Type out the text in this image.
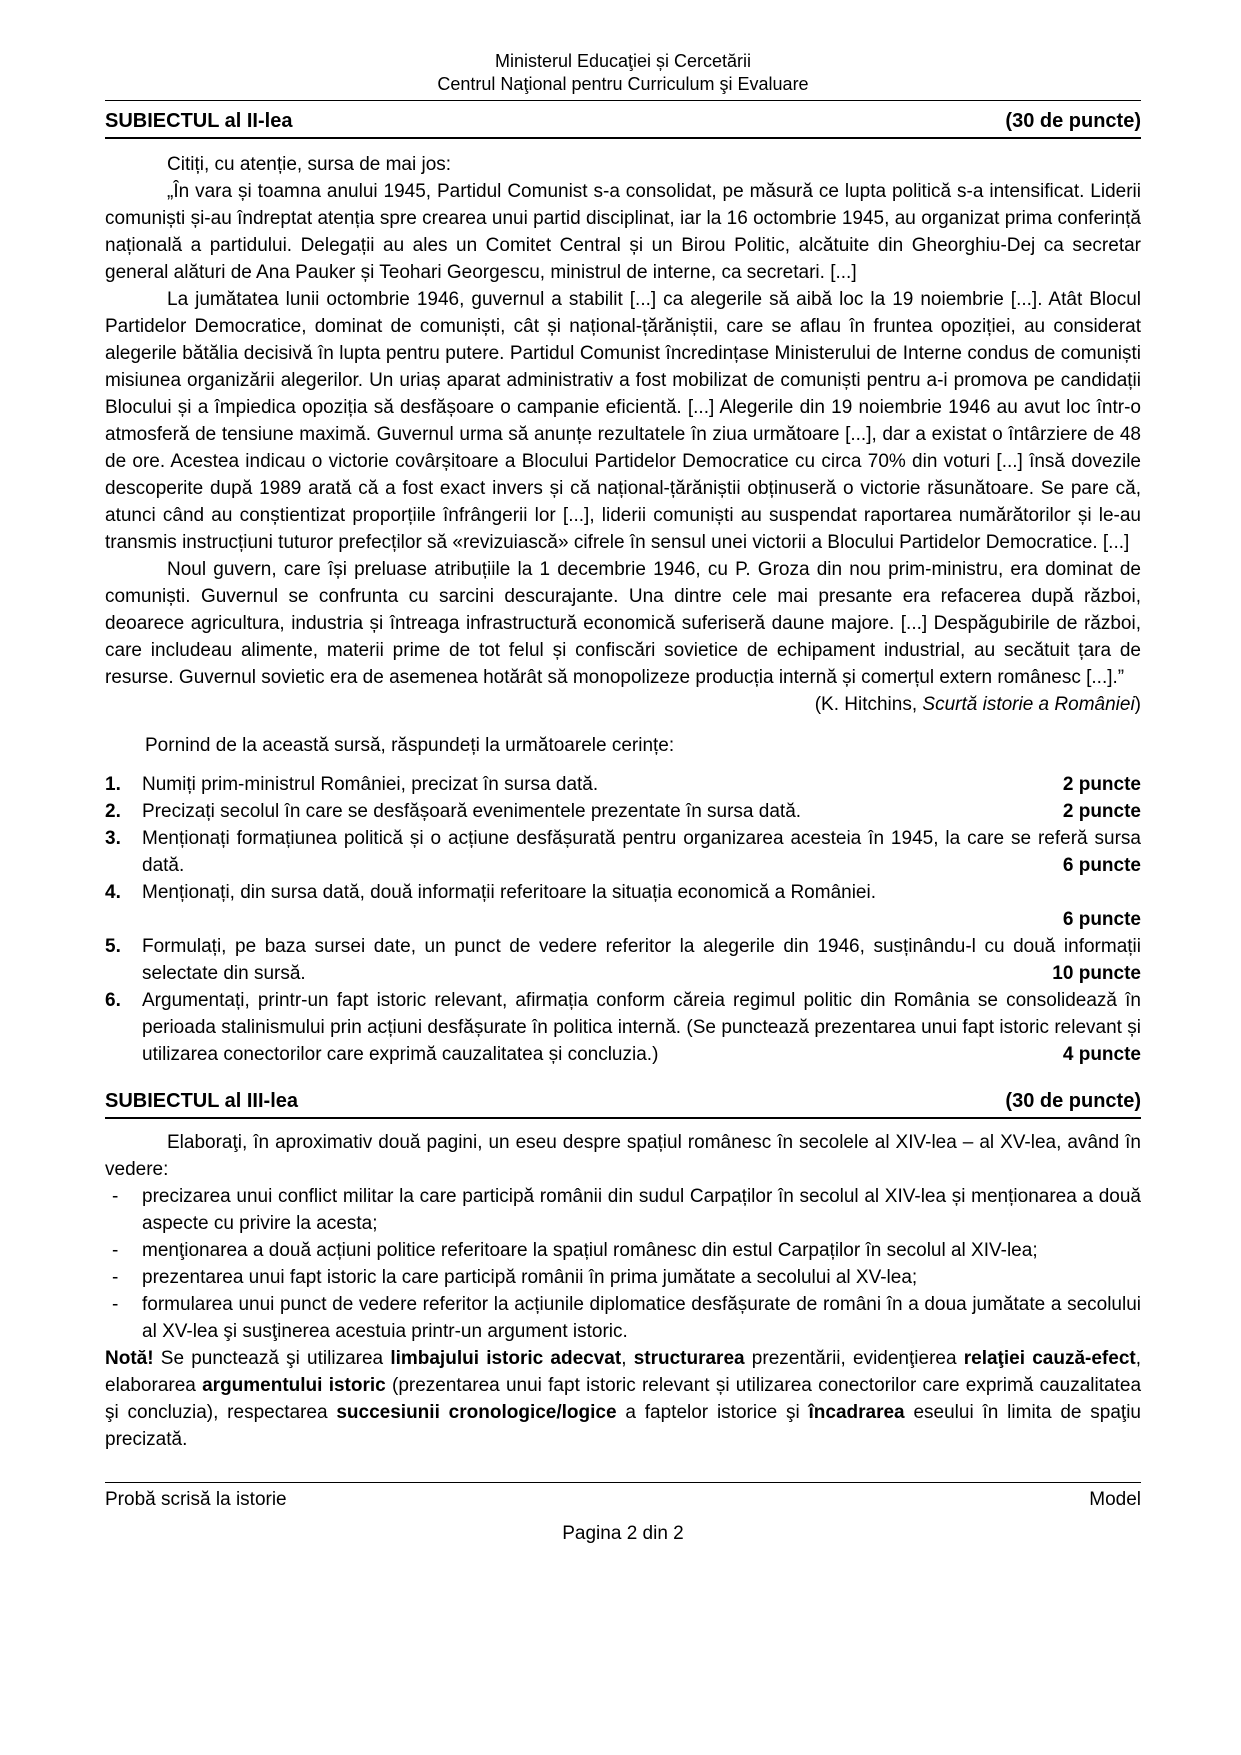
Ministerul Educaţiei și Cercetării
Centrul Naţional pentru Curriculum şi Evaluare
SUBIECTUL al II-lea	(30 de puncte)

Citiți, cu atenție, sursa de mai jos:

„În vara și toamna anului 1945, Partidul Comunist s-a consolidat, pe măsură ce lupta politică s-a intensificat. Liderii comuniști și-au îndreptat atenția spre crearea unui partid disciplinat, iar la 16 octombrie 1945, au organizat prima conferință națională a partidului. Delegații au ales un Comitet Central și un Birou Politic, alcătuite din Gheorghiu-Dej ca secretar general alături de Ana Pauker și Teohari Georgescu, ministrul de interne, ca secretari. [...]

La jumătatea lunii octombrie 1946, guvernul a stabilit [...] ca alegerile să aibă loc la 19 noiembrie [...]. Atât Blocul Partidelor Democratice, dominat de comuniști, cât și național-țărăniștii, care se aflau în fruntea opoziției, au considerat alegerile bătălia decisivă în lupta pentru putere. Partidul Comunist încredințase Ministerului de Interne condus de comuniști misiunea organizării alegerilor. Un uriaș aparat administrativ a fost mobilizat de comuniști pentru a-i promova pe candidații Blocului și a împiedica opoziția să desfășoare o campanie eficientă. [...] Alegerile din 19 noiembrie 1946 au avut loc într-o atmosferă de tensiune maximă. Guvernul urma să anunțe rezultatele în ziua următoare [...], dar a existat o întârziere de 48 de ore. Acestea indicau o victorie covârșitoare a Blocului Partidelor Democratice cu circa 70% din voturi [...] însă dovezile descoperite după 1989 arată că a fost exact invers și că național-țărăniștii obținuseră o victorie răsunătoare. Se pare că, atunci când au conștientizat proporțiile înfrângerii lor [...], liderii comuniști au suspendat raportarea numărătorilor și le-au transmis instrucțiuni tuturor prefecților să «revizuiască» cifrele în sensul unei victorii a Blocului Partidelor Democratice. [...]

Noul guvern, care își preluase atribuțiile la 1 decembrie 1946, cu P. Groza din nou prim-ministru, era dominat de comuniști. Guvernul se confrunta cu sarcini descurajante. Una dintre cele mai presante era refacerea după război, deoarece agricultura, industria și întreaga infrastructură economică suferiseră daune majore. [...] Despăgubirile de război, care includeau alimente, materii prime de tot felul și confiscări sovietice de echipament industrial, au secătuit țara de resurse. Guvernul sovietic era de asemenea hotărât să monopolizeze producția internă și comerțul extern românesc [...].”

(K. Hitchins, Scurtă istorie a României)

Pornind de la această sursă, răspundeți la următoarele cerințe:

1.	2 puncte
Numiți prim-ministrul României, precizat în sursa dată.
2.	2 puncte
Precizați secolul în care se desfășoară evenimentele prezentate în sursa dată.
3. Menționați formațiunea politică și o acțiune desfășurată pentru organizarea acesteia în 1945, la care se referă sursa dată.	6 puncte
4. Menționați, din sursa dată, două informații referitoare la situația economică a României.
6 puncte
5. Formulați, pe baza sursei date, un punct de vedere referitor la alegerile din 1946, susținându-l cu două informații selectate din sursă.	10 puncte
6. Argumentați, printr-un fapt istoric relevant, afirmația conform căreia regimul politic din România se consolidează în perioada stalinismului prin acțiuni desfășurate în politica internă. (Se punctează prezentarea unui fapt istoric relevant și utilizarea conectorilor care exprimă cauzalitatea și concluzia.)	4 puncte
SUBIECTUL al III-lea	(30 de puncte)

Elaboraţi, în aproximativ două pagini, un eseu despre spațiul românesc în secolele al XIV-lea – al XV-lea, având în vedere:

- precizarea unui conflict militar la care participă românii din sudul Carpaților în secolul al XIV-lea și menționarea a două aspecte cu privire la acesta;
- menţionarea a două acțiuni politice referitoare la spațiul românesc din estul Carpaților în secolul al XIV-lea;
- prezentarea unui fapt istoric la care participă românii în prima jumătate a secolului al XV-lea;
- formularea unui punct de vedere referitor la acțiunile diplomatice desfășurate de români în a doua jumătate a secolului al XV-lea şi susţinerea acestuia printr-un argument istoric.

Notă! Se punctează şi utilizarea limbajului istoric adecvat, structurarea prezentării, evidenţierea relaţiei cauză-efect, elaborarea argumentului istoric (prezentarea unui fapt istoric relevant și utilizarea conectorilor care exprimă cauzalitatea şi concluzia), respectarea succesiunii cronologice/logice a faptelor istorice şi încadrarea eseului în limita de spaţiu precizată.

Probă scrisă la istorie	Model
Pagina 2 din 2
